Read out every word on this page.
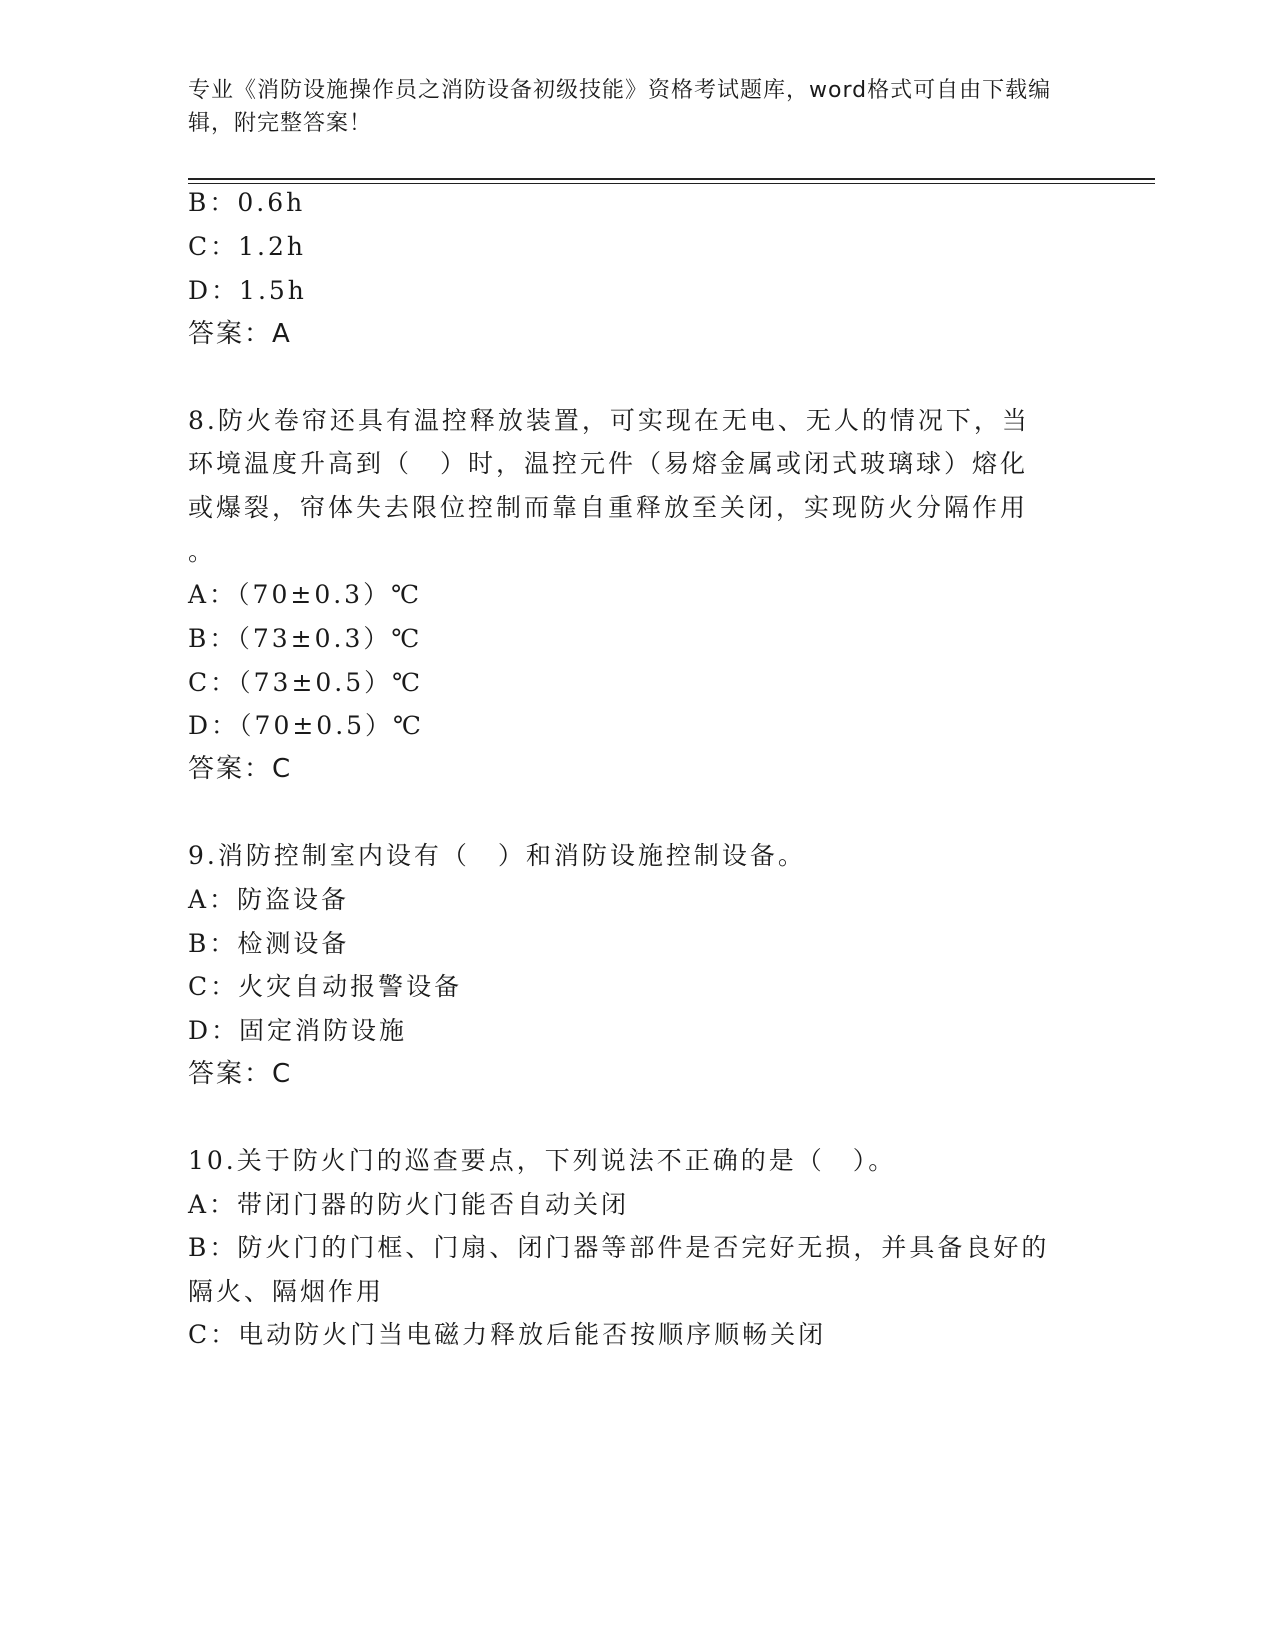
专业《消防设施操作员之消防设备初级技能》资格考试题库，word格式可自由下载编辑，附完整答案！
B：0.6h
C：1.2h
D：1.5h
答案：A
8.防火卷帘还具有温控释放装置，可实现在无电、无人的情况下，当
环境温度升高到（　）时，温控元件（易熔金属或闭式玻璃球）熔化
或爆裂，帘体失去限位控制而靠自重释放至关闭，实现防火分隔作用
。
A：（70±0.3）℃
B：（73±0.3）℃
C：（73±0.5）℃
D：（70±0.5）℃
答案：C
9.消防控制室内设有（　）和消防设施控制设备。
A：防盗设备
B：检测设备
C：火灾自动报警设备
D：固定消防设施
答案：C
10.关于防火门的巡查要点，下列说法不正确的是（　）。
A：带闭门器的防火门能否自动关闭
B：防火门的门框、门扇、闭门器等部件是否完好无损，并具备良好的
隔火、隔烟作用
C：电动防火门当电磁力释放后能否按顺序顺畅关闭
